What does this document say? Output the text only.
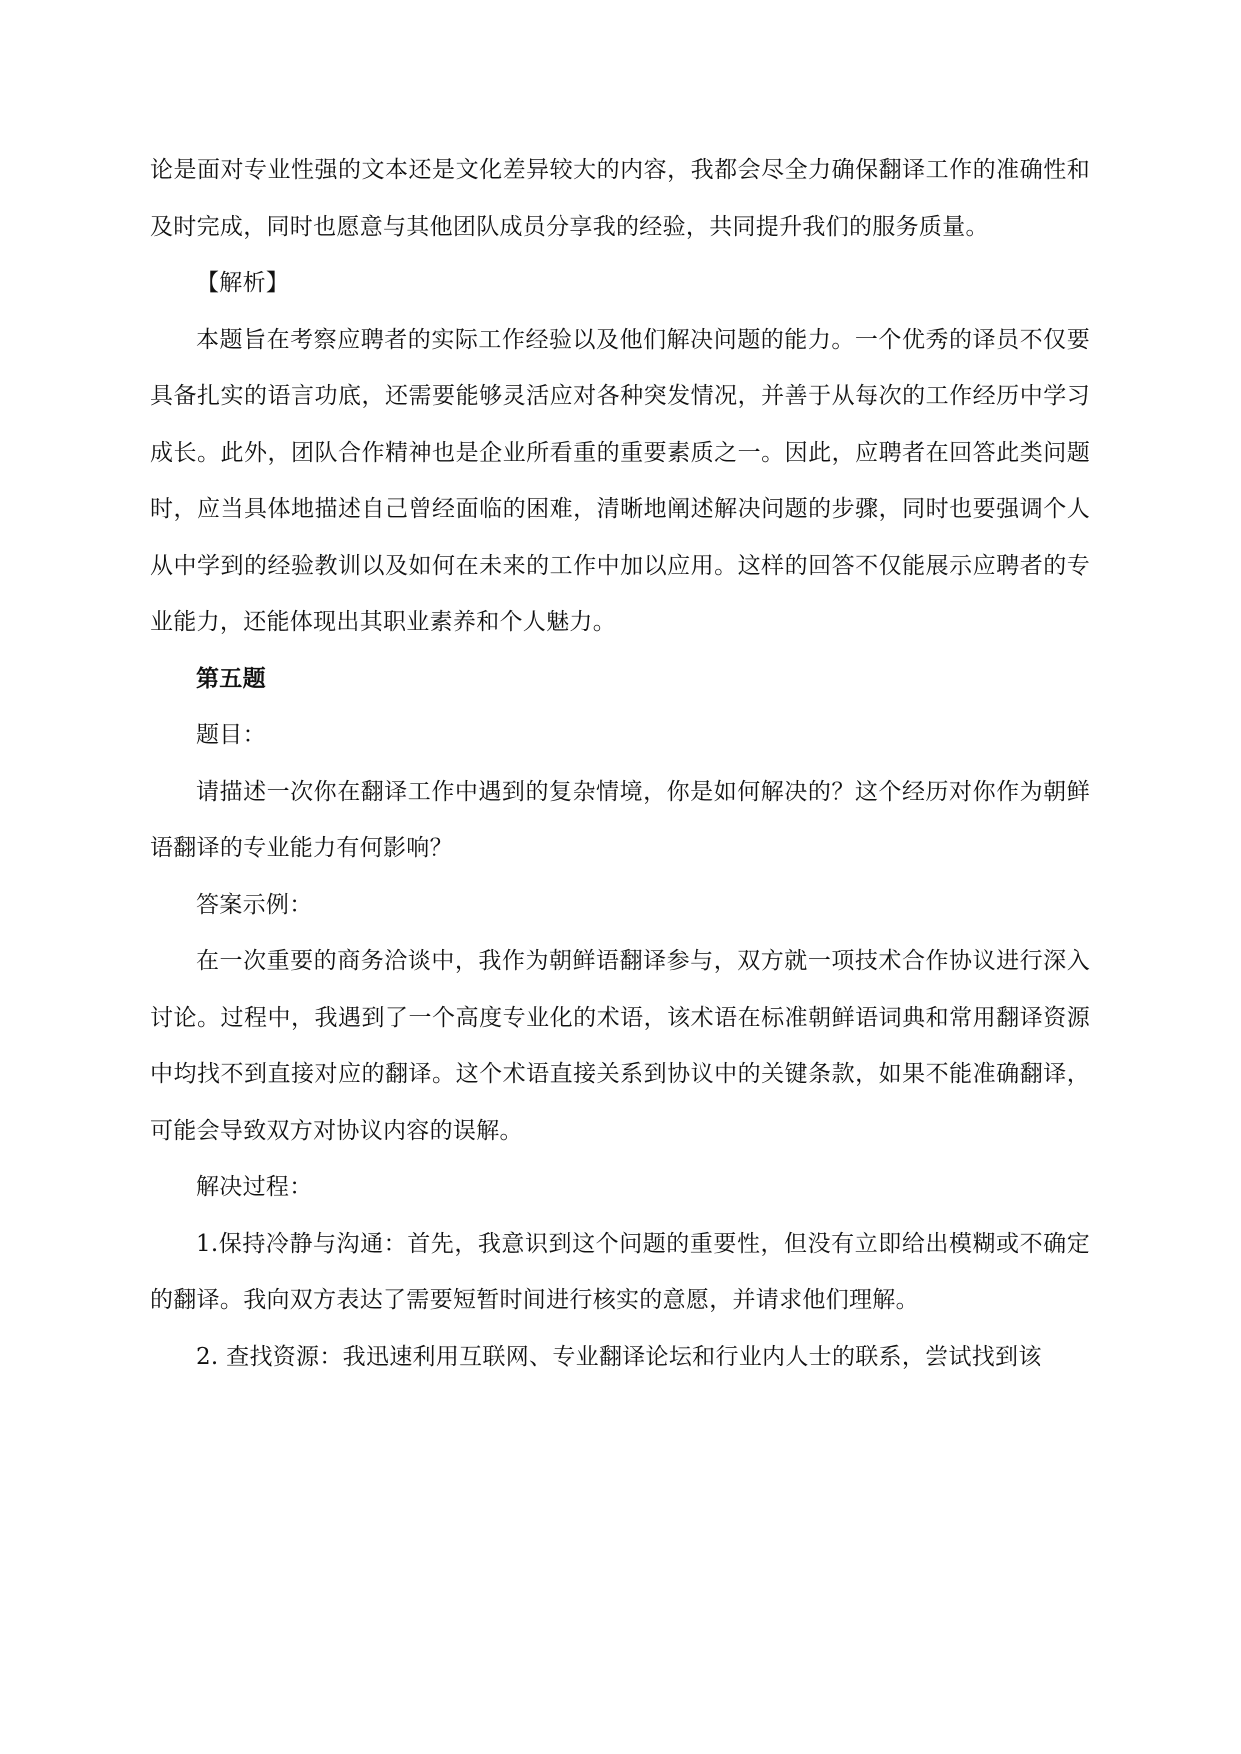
论是面对专业性强的文本还是文化差异较大的内容，我都会尽全力确保翻译工作的准确性和及时完成，同时也愿意与其他团队成员分享我的经验，共同提升我们的服务质量。

【解析】

本题旨在考察应聘者的实际工作经验以及他们解决问题的能力。一个优秀的译员不仅要具备扎实的语言功底，还需要能够灵活应对各种突发情况，并善于从每次的工作经历中学习成长。此外，团队合作精神也是企业所看重的重要素质之一。因此，应聘者在回答此类问题时，应当具体地描述自己曾经面临的困难，清晰地阐述解决问题的步骤，同时也要强调个人从中学到的经验教训以及如何在未来的工作中加以应用。这样的回答不仅能展示应聘者的专业能力，还能体现出其职业素养和个人魅力。

第五题

题目：

请描述一次你在翻译工作中遇到的复杂情境，你是如何解决的？这个经历对你作为朝鲜语翻译的专业能力有何影响？

答案示例：

在一次重要的商务洽谈中，我作为朝鲜语翻译参与，双方就一项技术合作协议进行深入讨论。过程中，我遇到了一个高度专业化的术语，该术语在标准朝鲜语词典和常用翻译资源中均找不到直接对应的翻译。这个术语直接关系到协议中的关键条款，如果不能准确翻译，可能会导致双方对协议内容的误解。

解决过程：

1.保持冷静与沟通：首先，我意识到这个问题的重要性，但没有立即给出模糊或不确定的翻译。我向双方表达了需要短暂时间进行核实的意愿，并请求他们理解。

2. 查找资源：我迅速利用互联网、专业翻译论坛和行业内人士的联系，尝试找到该
